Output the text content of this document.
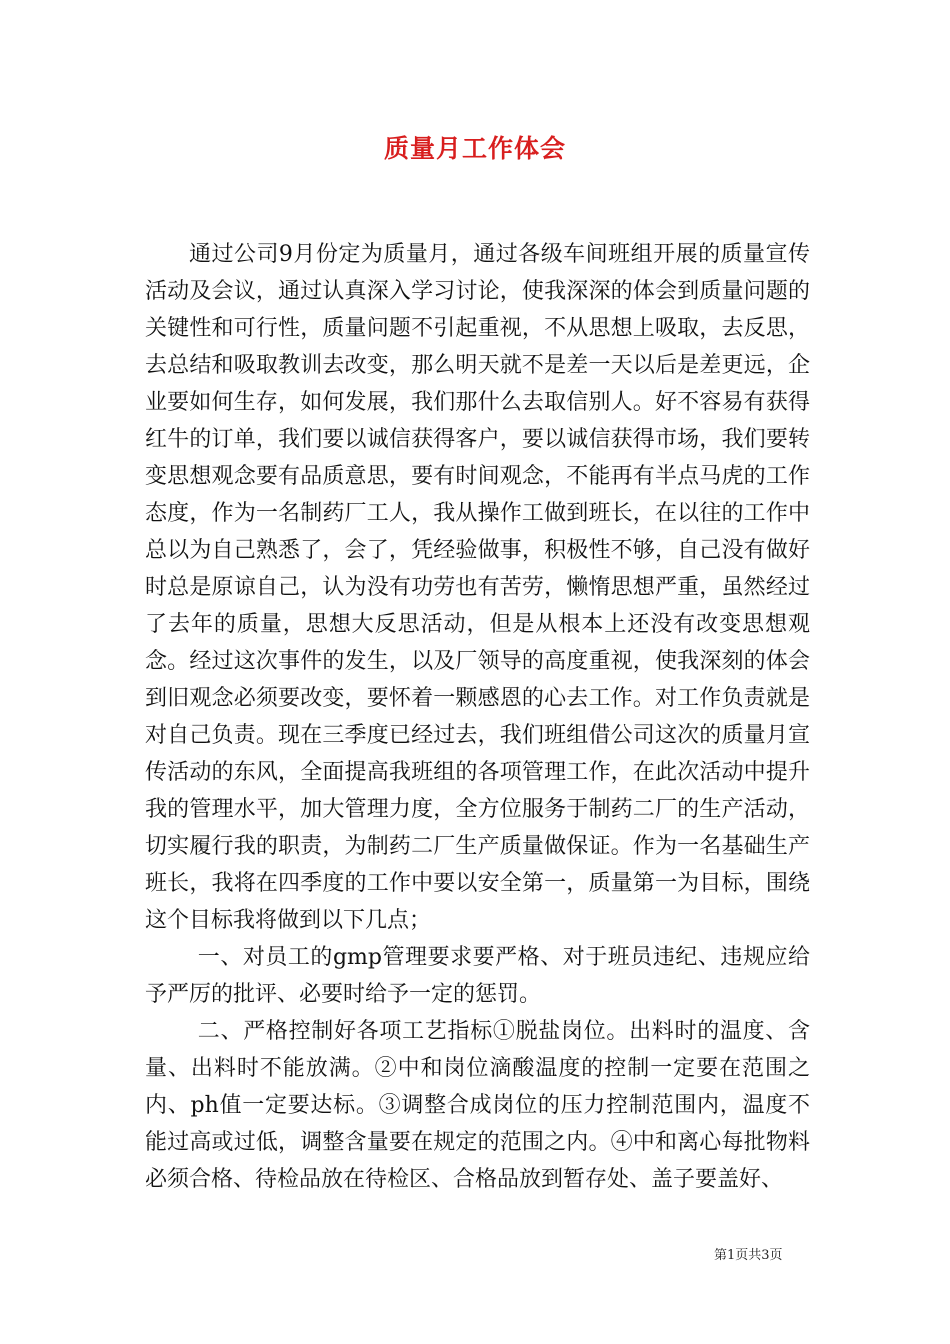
质量月工作体会

通过公司9月份定为质量月，通过各级车间班组开展的质量宣传活动及会议，通过认真深入学习讨论，使我深深的体会到质量问题的关键性和可行性，质量问题不引起重视，不从思想上吸取，去反思，去总结和吸取教训去改变，那么明天就不是差一天以后是差更远，企业要如何生存，如何发展，我们那什么去取信别人。好不容易有获得红牛的订单，我们要以诚信获得客户，要以诚信获得市场，我们要转变思想观念要有品质意思，要有时间观念，不能再有半点马虎的工作态度，作为一名制药厂工人，我从操作工做到班长，在以往的工作中总以为自己熟悉了，会了，凭经验做事，积极性不够，自己没有做好时总是原谅自己，认为没有功劳也有苦劳，懒惰思想严重，虽然经过了去年的质量，思想大反思活动，但是从根本上还没有改变思想观念。经过这次事件的发生，以及厂领导的高度重视，使我深刻的体会到旧观念必须要改变，要怀着一颗感恩的心去工作。对工作负责就是对自己负责。现在三季度已经过去，我们班组借公司这次的质量月宣传活动的东风，全面提高我班组的各项管理工作，在此次活动中提升我的管理水平，加大管理力度，全方位服务于制药二厂的生产活动，切实履行我的职责，为制药二厂生产质量做保证。作为一名基础生产班长，我将在四季度的工作中要以安全第一，质量第一为目标，围绕这个目标我将做到以下几点；

一、对员工的gmp管理要求要严格、对于班员违纪、违规应给予严厉的批评、必要时给予一定的惩罚。

二、严格控制好各项工艺指标①脱盐岗位。出料时的温度、含量、出料时不能放满。②中和岗位滴酸温度的控制一定要在范围之内、ph值一定要达标。③调整合成岗位的压力控制范围内，温度不能过高或过低，调整含量要在规定的范围之内。④中和离心每批物料必须合格、待检品放在待检区、合格品放到暂存处、盖子要盖好、

第1页共3页
